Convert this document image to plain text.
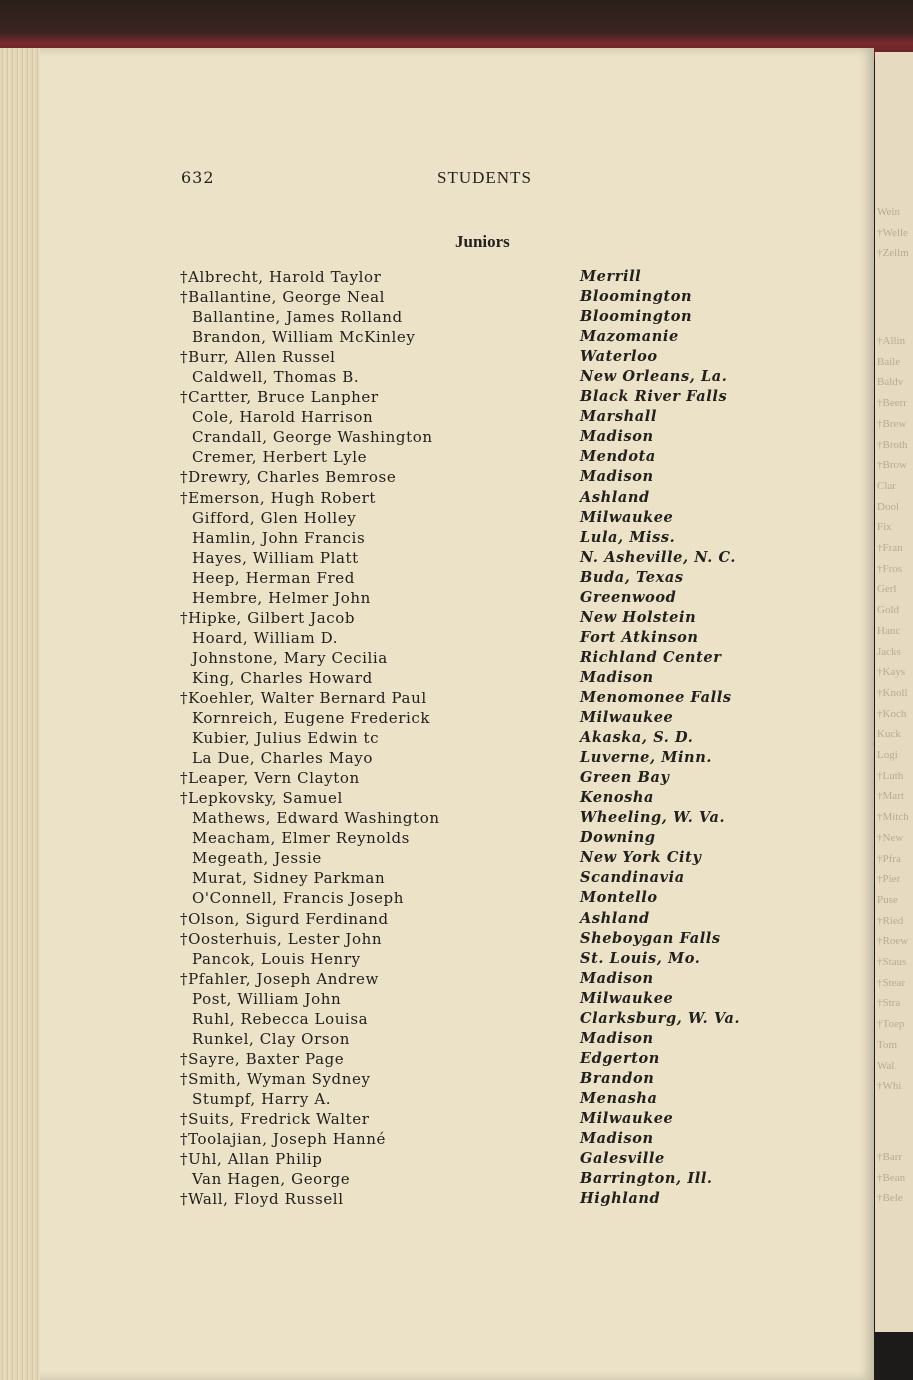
Wein
†Welle
†Zellm
†Allin
Baile
Baldv
†Beerr
†Brew
†Broth
†Brow
Clar
Dool
Fix
†Fran
†Fros
Gerl
Gold
Hanc
Jacks
†Kays
†Knoll
†Koch
Kuck
Logi
†Luth
†Mart
†Mitch
†New
†Pfra
†Pier
Puse
†Ried
†Roew
†Staus
†Stear
†Stra
†Toep
Tom
Wal
†Whi
†Barr
†Bean
†Bele
632	STUDENTS
Juniors
†Albrecht, Harold Taylor	Merrill
†Ballantine, George Neal	Bloomington
Ballantine, James Rolland	Bloomington
Brandon, William McKinley	Mazomanie
†Burr, Allen Russel	Waterloo
Caldwell, Thomas B.	New Orleans, La.
†Cartter, Bruce Lanpher	Black River Falls
Cole, Harold Harrison	Marshall
Crandall, George Washington	Madison
Cremer, Herbert Lyle	Mendota
†Drewry, Charles Bemrose	Madison
†Emerson, Hugh Robert	Ashland
Gifford, Glen Holley	Milwaukee
Hamlin, John Francis	Lula, Miss.
Hayes, William Platt	N. Asheville, N. C.
Heep, Herman Fred	Buda, Texas
Hembre, Helmer John	Greenwood
†Hipke, Gilbert Jacob	New Holstein
Hoard, William D.	Fort Atkinson
Johnstone, Mary Cecilia	Richland Center
King, Charles Howard	Madison
†Koehler, Walter Bernard Paul	Menomonee Falls
Kornreich, Eugene Frederick	Milwaukee
Kubier, Julius Edwin tc	Akaska, S. D.
La Due, Charles Mayo	Luverne, Minn.
†Leaper, Vern Clayton	Green Bay
†Lepkovsky, Samuel	Kenosha
Mathews, Edward Washington	Wheeling, W. Va.
Meacham, Elmer Reynolds	Downing
Megeath, Jessie	New York City
Murat, Sidney Parkman	Scandinavia
O'Connell, Francis Joseph	Montello
†Olson, Sigurd Ferdinand	Ashland
†Oosterhuis, Lester John	Sheboygan Falls
Pancok, Louis Henry	St. Louis, Mo.
†Pfahler, Joseph Andrew	Madison
Post, William John	Milwaukee
Ruhl, Rebecca Louisa	Clarksburg, W. Va.
Runkel, Clay Orson	Madison
†Sayre, Baxter Page	Edgerton
†Smith, Wyman Sydney	Brandon
Stumpf, Harry A.	Menasha
†Suits, Fredrick Walter	Milwaukee
†Toolajian, Joseph Hanné	Madison
†Uhl, Allan Philip	Galesville
Van Hagen, George	Barrington, Ill.
†Wall, Floyd Russell	Highland
